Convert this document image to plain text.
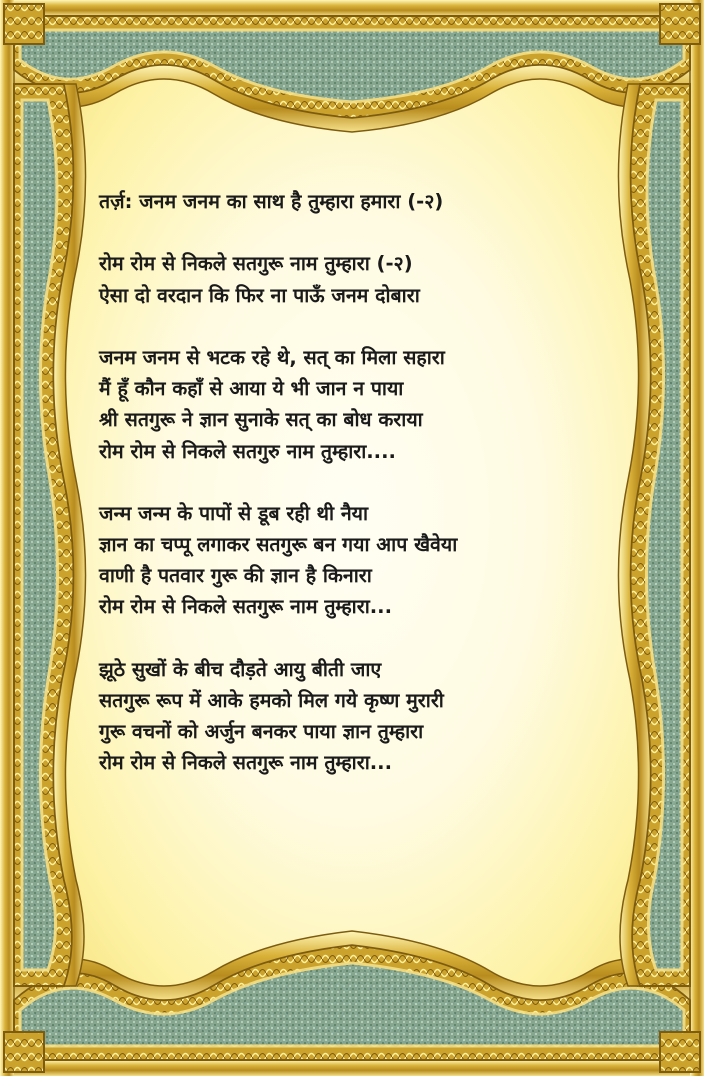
तर्ज़: जनम जनम का साथ है तुम्हारा हमारा (-२)
रोम रोम से निकले सतगुरू नाम तुम्हारा (-२)
ऐसा दो वरदान कि फिर ना पाऊँ जनम दोबारा
जनम जनम से भटक रहे थे, सत् का मिला सहारा
मैं हूँ कौन कहाँ से आया ये भी जान न पाया
श्री सतगुरू ने ज्ञान सुनाके सत् का बोध कराया
रोम रोम से निकले सतगुरु नाम तुम्हारा....
जन्म जन्म के पापों से डूब रही थी नैया
ज्ञान का चप्पू लगाकर सतगुरू बन गया आप खैवेया
वाणी है पतवार गुरू की ज्ञान है किनारा
रोम रोम से निकले सतगुरू नाम तुम्हारा...
झूठे सुखों के बीच दौड़ते आयु बीती जाए
सतगुरू रूप में आके हमको मिल गये कृष्ण मुरारी
गुरू वचनों को अर्जुन बनकर पाया ज्ञान तुम्हारा
रोम रोम से निकले सतगुरू नाम तुम्हारा...
